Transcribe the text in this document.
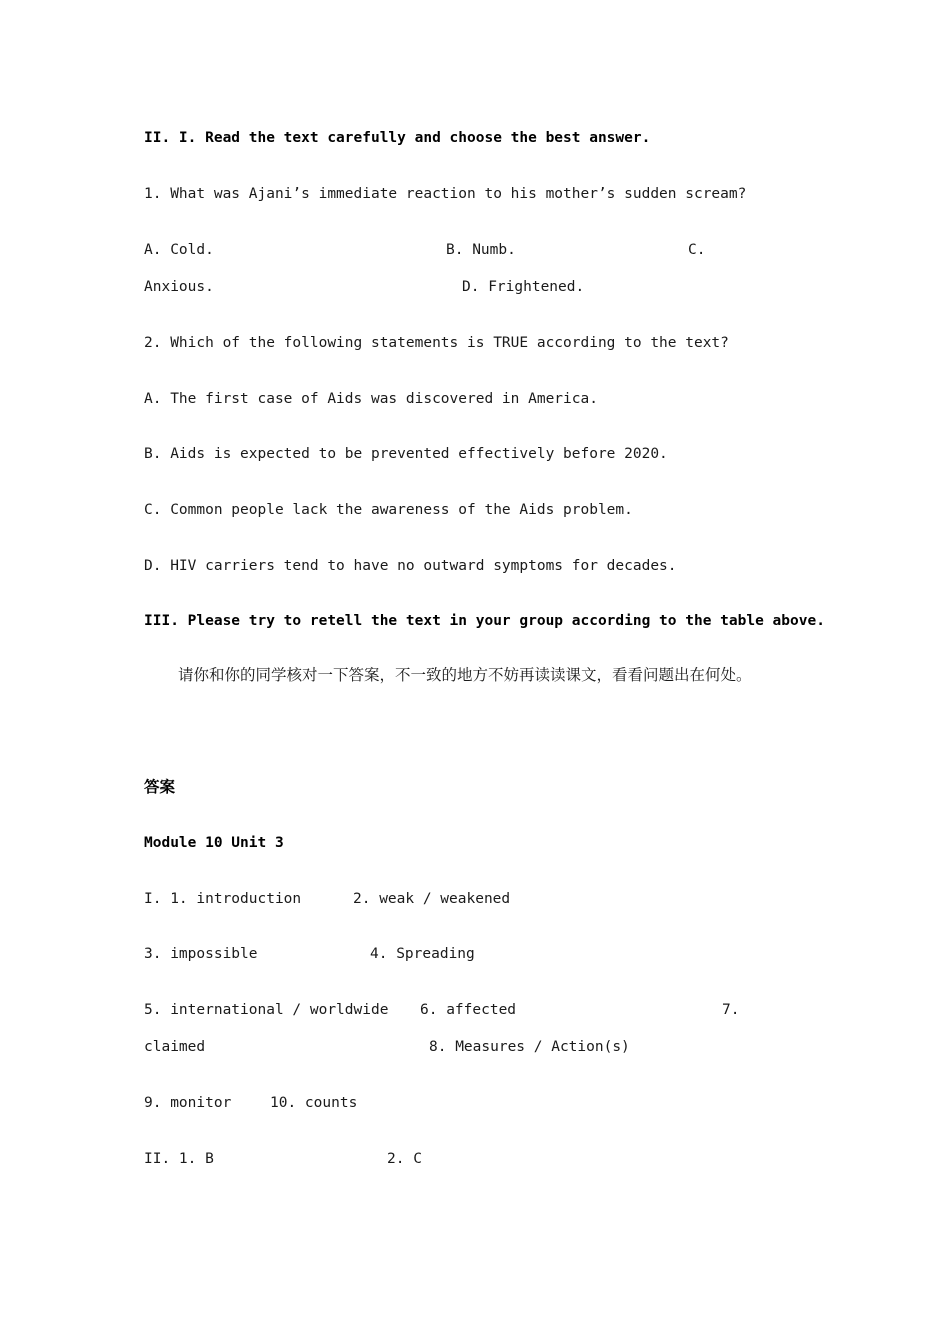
II. I. Read the text carefully and choose the best answer.
1. What was Ajani’s immediate reaction to his mother’s sudden scream?
A. Cold.	B. Numb.	C.
Anxious.	D. Frightened.
2. Which of the following statements is TRUE according to the text?
A. The first case of Aids was discovered in America.
B. Aids is expected to be prevented effectively before 2020.
C. Common people lack the awareness of the Aids problem.
D. HIV carriers tend to have no outward symptoms for decades.
III. Please try to retell the text in your group according to the table above.
请你和你的同学核对一下答案，不一致的地方不妨再读读课文，看看问题出在何处。
答案
Module 10 Unit 3
I. 1. introduction	2. weak / weakened
3. impossible	4. Spreading
5. international / worldwide 6. affected	7.
claimed	8. Measures / Action(s)
9. monitor	10. counts
II. 1. B	2. C
